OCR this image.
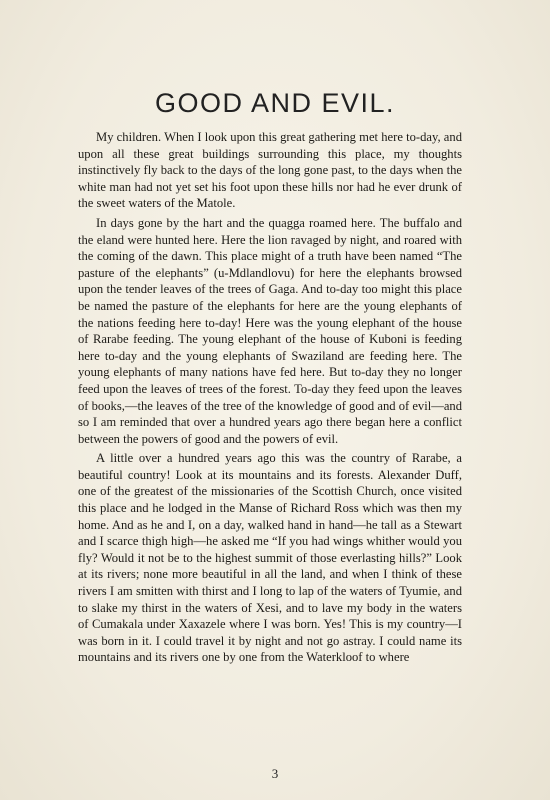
GOOD AND EVIL.

My children. When I look upon this great gathering met here to-day, and upon all these great buildings surrounding this place, my thoughts instinctively fly back to the days of the long gone past, to the days when the white man had not yet set his foot upon these hills nor had he ever drunk of the sweet waters of the Matole.

In days gone by the hart and the quagga roamed here. The buffalo and the eland were hunted here. Here the lion ravaged by night, and roared with the coming of the dawn. This place might of a truth have been named “The pasture of the elephants” (u-Mdlandlovu) for here the elephants browsed upon the tender leaves of the trees of Gaga. And to-day too might this place be named the pasture of the elephants for here are the young elephants of the nations feeding here to-day! Here was the young elephant of the house of Rarabe feeding. The young elephant of the house of Kuboni is feeding here to-day and the young elephants of Swaziland are feeding here. The young elephants of many nations have fed here. But to-day they no longer feed upon the leaves of trees of the forest. To-day they feed upon the leaves of books,—the leaves of the tree of the knowledge of good and of evil—and so I am reminded that over a hundred years ago there began here a conflict between the powers of good and the powers of evil.

A little over a hundred years ago this was the country of Rarabe, a beautiful country! Look at its mountains and its forests. Alexander Duff, one of the greatest of the missionaries of the Scottish Church, once visited this place and he lodged in the Manse of Richard Ross which was then my home. And as he and I, on a day, walked hand in hand—he tall as a Stewart and I scarce thigh high—he asked me “If you had wings whither would you fly? Would it not be to the highest summit of those everlasting hills?” Look at its rivers; none more beautiful in all the land, and when I think of these rivers I am smitten with thirst and I long to lap of the waters of Tyumie, and to slake my thirst in the waters of Xesi, and to lave my body in the waters of Cumakala under Xaxazele where I was born. Yes! This is my country—I was born in it. I could travel it by night and not go astray. I could name its mountains and its rivers one by one from the Waterkloof to where

3
